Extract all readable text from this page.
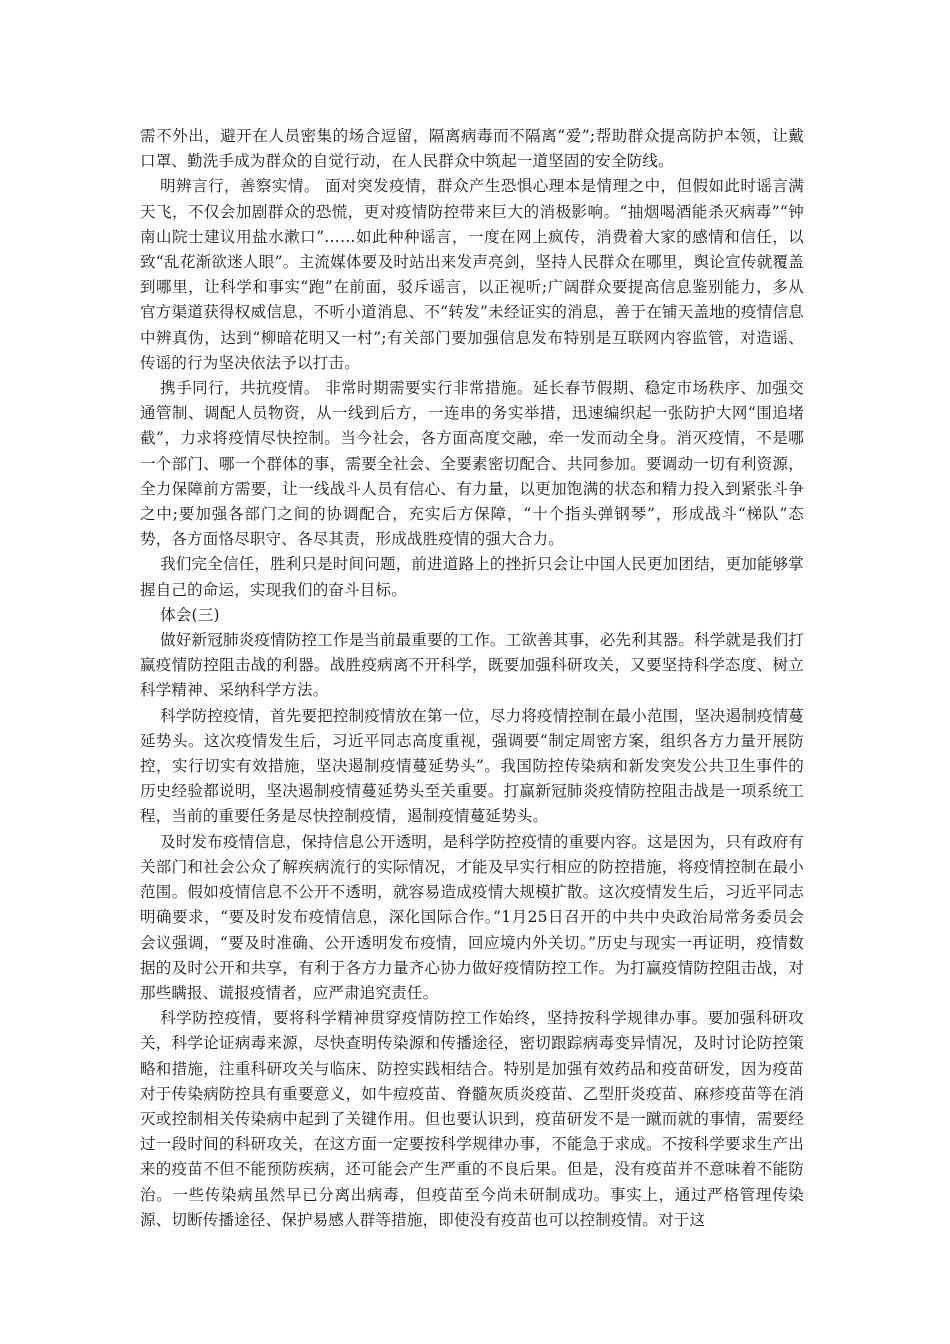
需不外出，避开在人员密集的场合逗留，隔离病毒而不隔离“爱”;帮助群众提高防护本领，让戴口罩、勤洗手成为群众的自觉行动，在人民群众中筑起一道坚固的安全防线。

明辨言行，善察实情。 面对突发疫情，群众产生恐惧心理本是情理之中，但假如此时谣言满天飞，不仅会加剧群众的恐慌，更对疫情防控带来巨大的消极影响。“抽烟喝酒能杀灭病毒”“钟南山院士建议用盐水漱口”……如此种种谣言，一度在网上疯传，消费着大家的感情和信任，以致“乱花渐欲迷人眼”。主流媒体要及时站出来发声亮剑，坚持人民群众在哪里，舆论宣传就覆盖到哪里，让科学和事实“跑”在前面，驳斥谣言，以正视听;广阔群众要提高信息鉴别能力，多从官方渠道获得权威信息，不听小道消息、不“转发”未经证实的消息，善于在铺天盖地的疫情信息中辨真伪，达到“柳暗花明又一村”;有关部门要加强信息发布特别是互联网内容监管，对造谣、传谣的行为坚决依法予以打击。

携手同行，共抗疫情。 非常时期需要实行非常措施。延长春节假期、稳定市场秩序、加强交通管制、调配人员物资，从一线到后方，一连串的务实举措，迅速编织起一张防护大网“围追堵截”，力求将疫情尽快控制。当今社会，各方面高度交融，牵一发而动全身。消灭疫情，不是哪一个部门、哪一个群体的事，需要全社会、全要素密切配合、共同参加。要调动一切有利资源，全力保障前方需要，让一线战斗人员有信心、有力量，以更加饱满的状态和精力投入到紧张斗争之中;要加强各部门之间的协调配合，充实后方保障，“十个指头弹钢琴”，形成战斗“梯队”态势，各方面恪尽职守、各尽其责，形成战胜疫情的强大合力。

我们完全信任，胜利只是时间问题，前进道路上的挫折只会让中国人民更加团结，更加能够掌握自己的命运，实现我们的奋斗目标。

体会(三)

做好新冠肺炎疫情防控工作是当前最重要的工作。工欲善其事，必先利其器。科学就是我们打赢疫情防控阻击战的利器。战胜疫病离不开科学，既要加强科研攻关，又要坚持科学态度、树立科学精神、采纳科学方法。

科学防控疫情，首先要把控制疫情放在第一位，尽力将疫情控制在最小范围，坚决遏制疫情蔓延势头。这次疫情发生后，习近平同志高度重视，强调要“制定周密方案，组织各方力量开展防控，实行切实有效措施，坚决遏制疫情蔓延势头”。我国防控传染病和新发突发公共卫生事件的历史经验都说明，坚决遏制疫情蔓延势头至关重要。打赢新冠肺炎疫情防控阻击战是一项系统工程，当前的重要任务是尽快控制疫情，遏制疫情蔓延势头。

及时发布疫情信息，保持信息公开透明，是科学防控疫情的重要内容。这是因为，只有政府有关部门和社会公众了解疾病流行的实际情况，才能及早实行相应的防控措施，将疫情控制在最小范围。假如疫情信息不公开不透明，就容易造成疫情大规模扩散。这次疫情发生后，习近平同志明确要求，“要及时发布疫情信息，深化国际合作。”1月25日召开的中共中央政治局常务委员会会议强调，“要及时准确、公开透明发布疫情，回应境内外关切。”历史与现实一再证明，疫情数据的及时公开和共享，有利于各方力量齐心协力做好疫情防控工作。为打赢疫情防控阻击战，对那些瞒报、谎报疫情者，应严肃追究责任。

科学防控疫情，要将科学精神贯穿疫情防控工作始终，坚持按科学规律办事。要加强科研攻关，科学论证病毒来源，尽快查明传染源和传播途径，密切跟踪病毒变异情况，及时讨论防控策略和措施，注重科研攻关与临床、防控实践相结合。特别是加强有效药品和疫苗研发，因为疫苗对于传染病防控具有重要意义，如牛痘疫苗、脊髓灰质炎疫苗、乙型肝炎疫苗、麻疹疫苗等在消灭或控制相关传染病中起到了关键作用。但也要认识到，疫苗研发不是一蹴而就的事情，需要经过一段时间的科研攻关，在这方面一定要按科学规律办事，不能急于求成。不按科学要求生产出来的疫苗不但不能预防疾病，还可能会产生严重的不良后果。但是，没有疫苗并不意味着不能防治。一些传染病虽然早已分离出病毒，但疫苗至今尚未研制成功。事实上，通过严格管理传染源、切断传播途径、保护易感人群等措施，即使没有疫苗也可以控制疫情。对于这
